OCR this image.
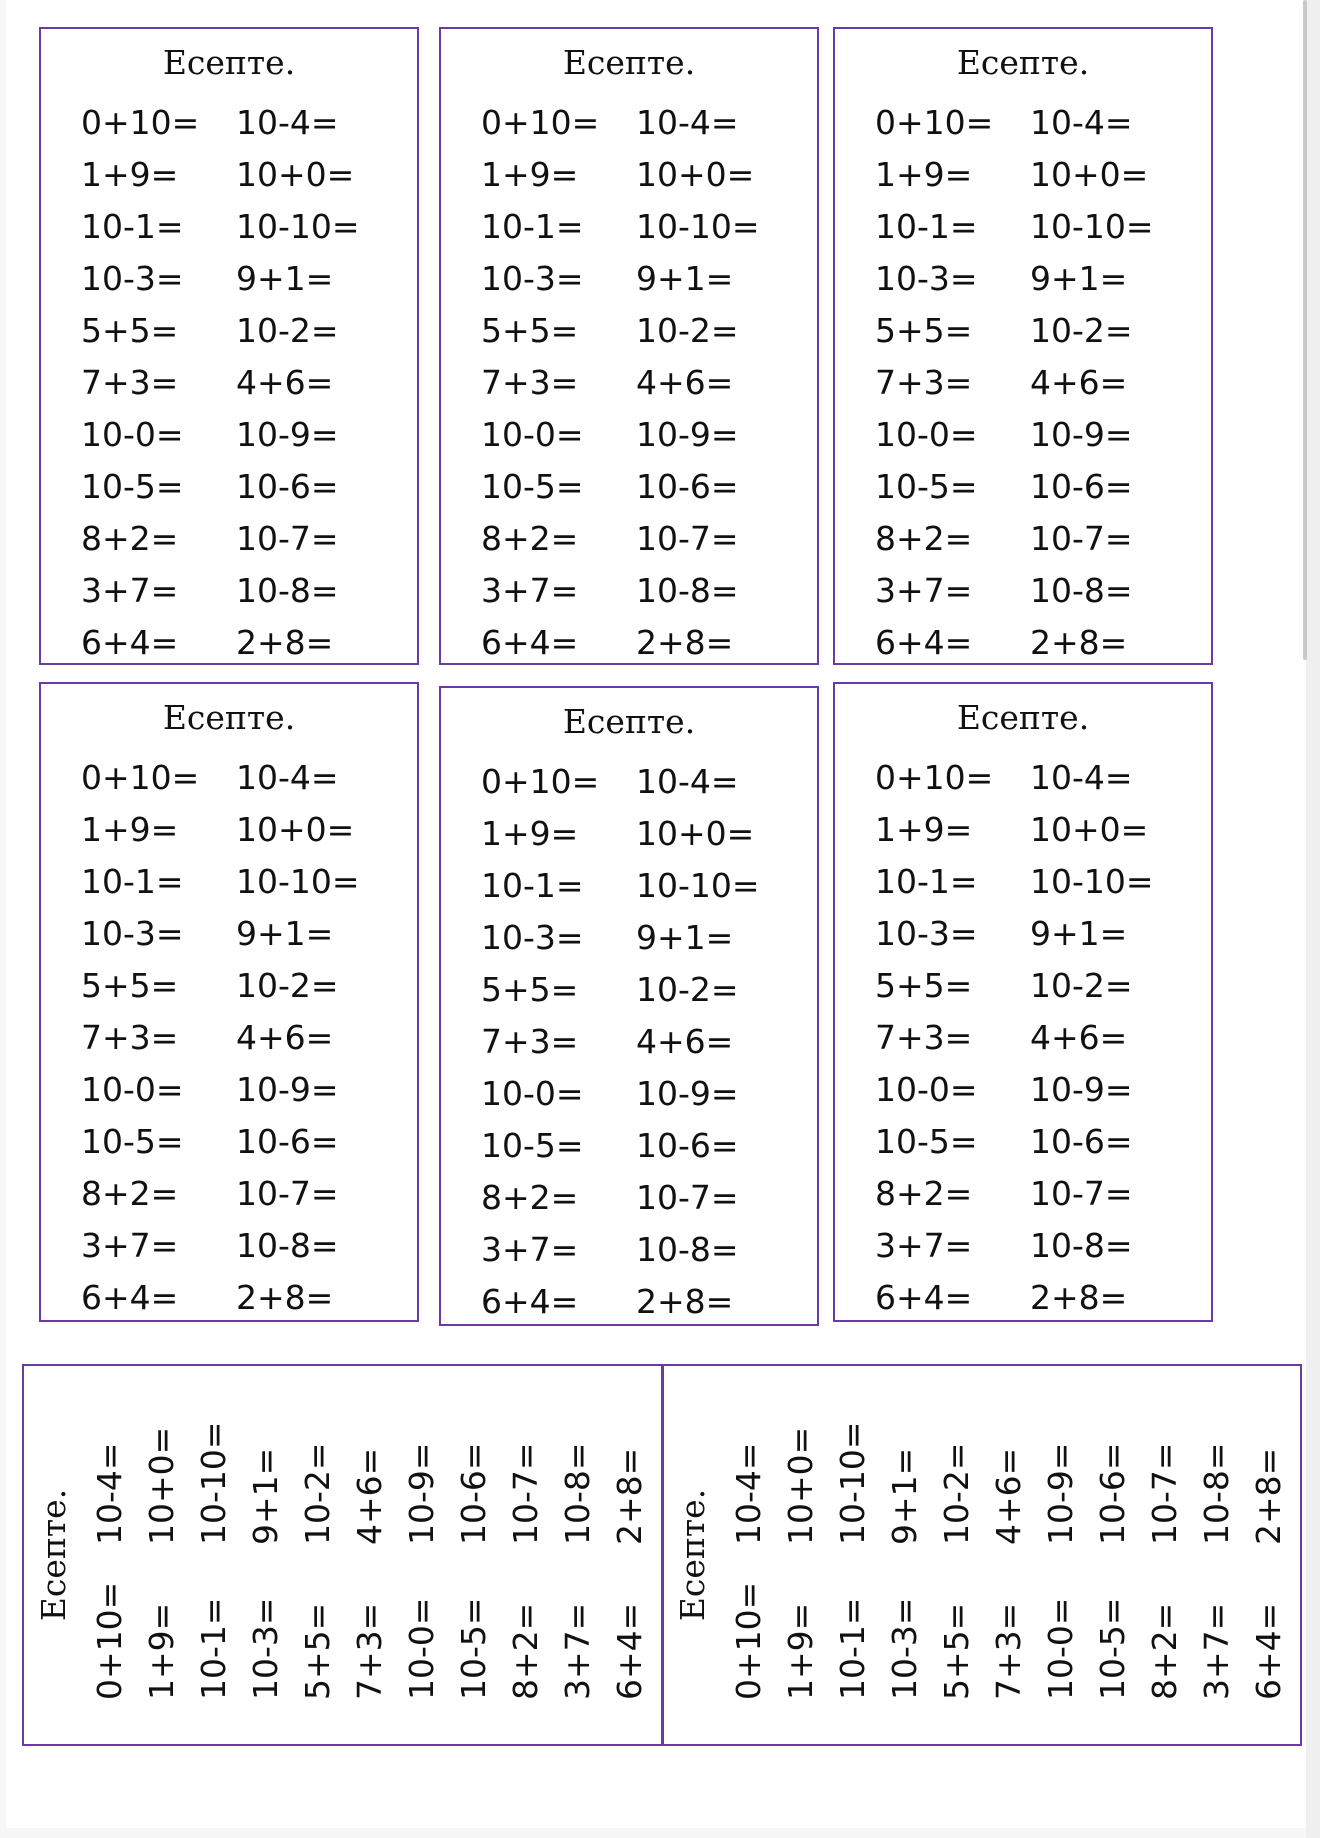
Есепте.
0+10= 10-4=
1+9= 10+0=
10-1= 10-10=
10-3= 9+1=
5+5= 10-2=
7+3= 4+6=
10-0= 10-9=
10-5= 10-6=
8+2= 10-7=
3+7= 10-8=
6+4= 2+8=
Есепте.
0+10= 10-4=
1+9= 10+0=
10-1= 10-10=
10-3= 9+1=
5+5= 10-2=
7+3= 4+6=
10-0= 10-9=
10-5= 10-6=
8+2= 10-7=
3+7= 10-8=
6+4= 2+8=
Есепте.
0+10= 10-4=
1+9= 10+0=
10-1= 10-10=
10-3= 9+1=
5+5= 10-2=
7+3= 4+6=
10-0= 10-9=
10-5= 10-6=
8+2= 10-7=
3+7= 10-8=
6+4= 2+8=
Есепте.
0+10= 10-4=
1+9= 10+0=
10-1= 10-10=
10-3= 9+1=
5+5= 10-2=
7+3= 4+6=
10-0= 10-9=
10-5= 10-6=
8+2= 10-7=
3+7= 10-8=
6+4= 2+8=
Есепте.
0+10= 10-4=
1+9= 10+0=
10-1= 10-10=
10-3= 9+1=
5+5= 10-2=
7+3= 4+6=
10-0= 10-9=
10-5= 10-6=
8+2= 10-7=
3+7= 10-8=
6+4= 2+8=
Есепте.
0+10= 10-4=
1+9= 10+0=
10-1= 10-10=
10-3= 9+1=
5+5= 10-2=
7+3= 4+6=
10-0= 10-9=
10-5= 10-6=
8+2= 10-7=
3+7= 10-8=
6+4= 2+8=
Есепте.
0+10=
10-4=
1+9=
10+0=
10-1=
10-10=
10-3=
9+1=
5+5=
10-2=
7+3=
4+6=
10-0=
10-9=
10-5=
10-6=
8+2=
10-7=
3+7=
10-8=
6+4=
2+8= Есепте.
0+10=
10-4=
1+9=
10+0=
10-1=
10-10=
10-3=
9+1=
5+5=
10-2=
7+3=
4+6=
10-0=
10-9=
10-5=
10-6=
8+2=
10-7=
3+7=
10-8=
6+4=
2+8=
